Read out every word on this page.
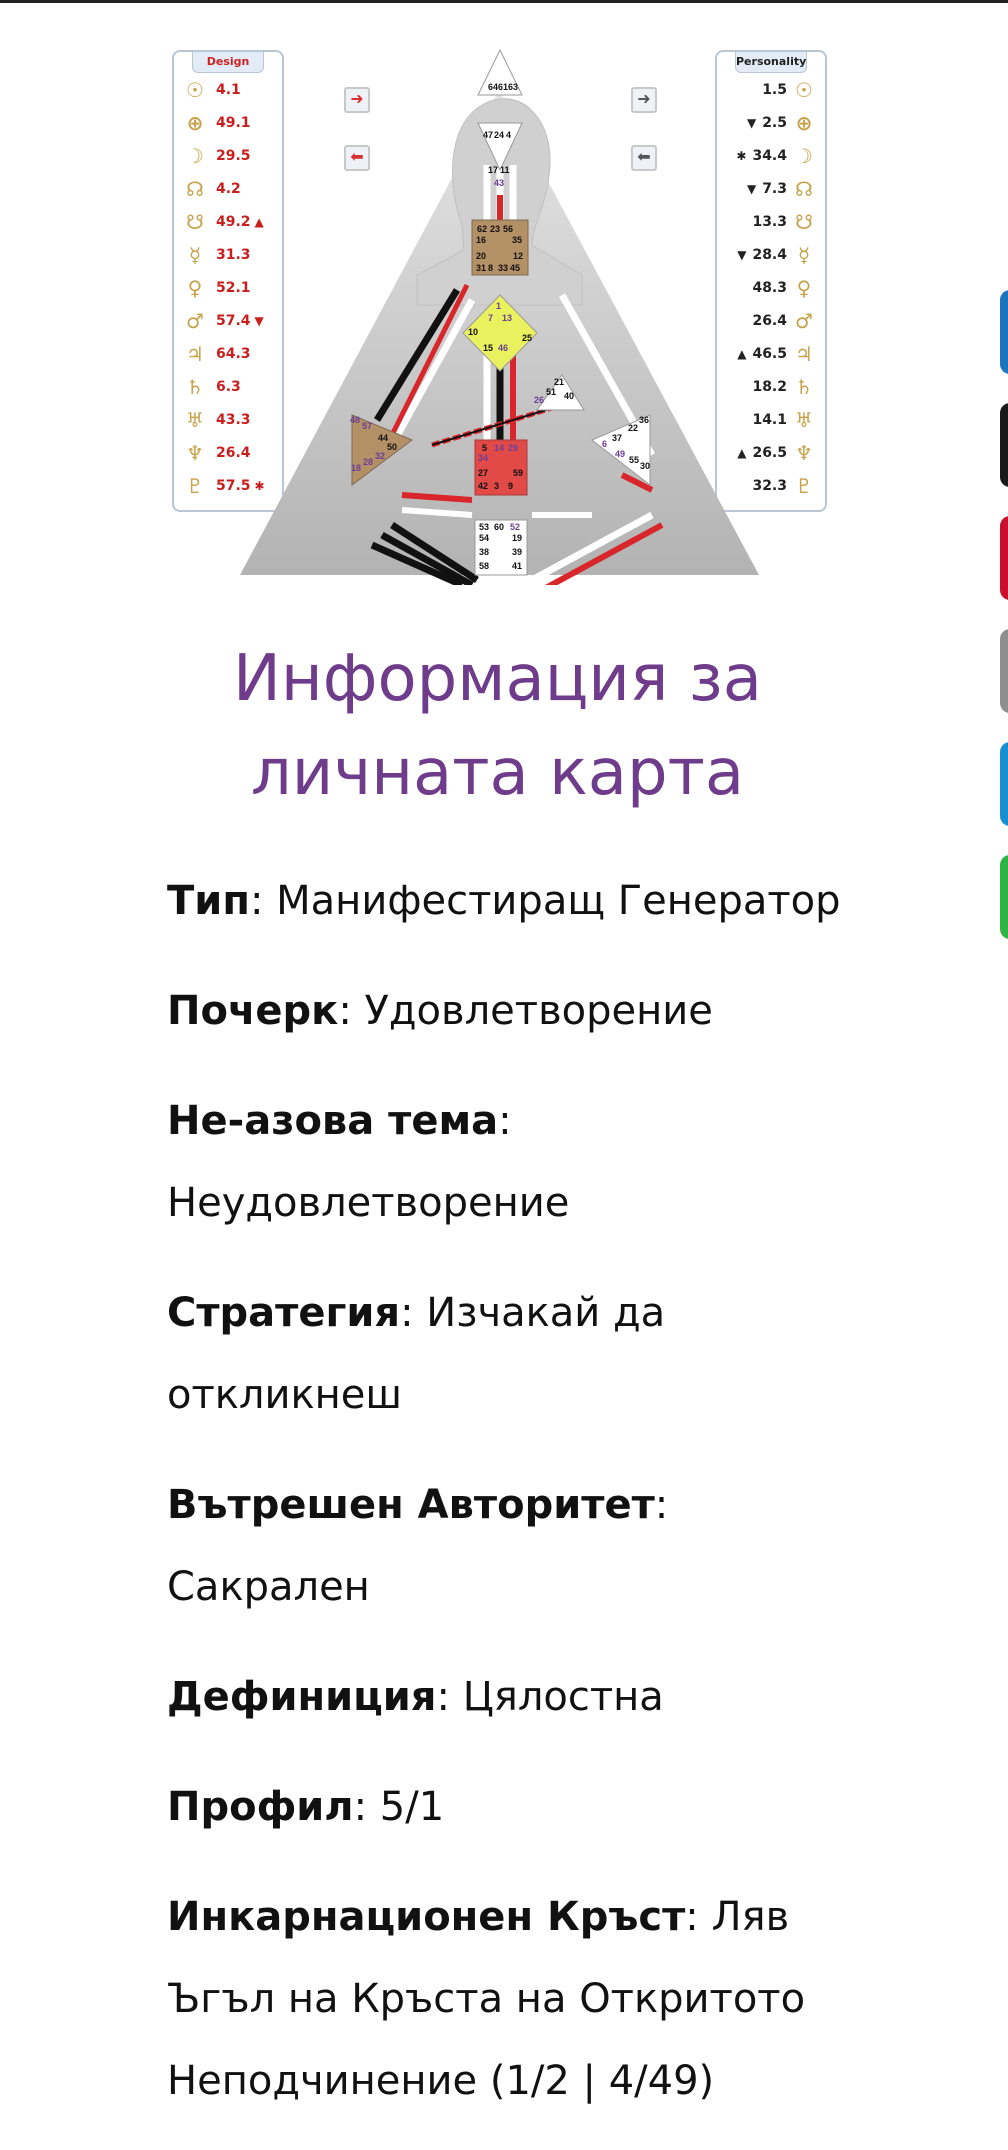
Design
☉ 4.1
⊕ 49.1
☽ 29.5
☊ 4.2
☋ 49.2 ▲
☿	31.3
♀ 52.1
♂ 57.4 ▼
♃ 64.3
♄ 6.3
♅ 43.3
♆ 26.4
♇ 57.5 ✱
Personality
1.5 ☉
▼ 2.5 ⊕
✱ 34.4 ☽
▼ 7.3 ☊
13.3 ☋
▼ 28.4 ☿
48.3 ♀
26.4 ♂
▲ 46.5 ♃
18.2 ♄
14.1 ♅
▲ 26.5 ♆
32.3 ♇
➜
⬅
➜
⬅
64 61 63
47 24 4
17 11
43
62 23 56
16	35
20	12
31 8 33 45
1
7 13
10
15 46
25
21
51
26 40
48
57
44
50
32
28
18
5 14 29
34
27	59
42 3 9
36
22
37
6
49
55
30
53 60 52
54	19
38	39
58	41
Информация за
личната карта

Тип: Манифестиращ Генератор

Почерк: Удовлетворение

Не-азова тема: Неудовлетворение

Стратегия: Изчакай да откликнеш

Вътрешен Авторитет: Сакрален

Дефиниция: Цялостна

Профил: 5/1

Инкарнационен Кръст: Ляв Ъгъл на Кръста на Откритото Неподчинение (1/2 | 4/49)
